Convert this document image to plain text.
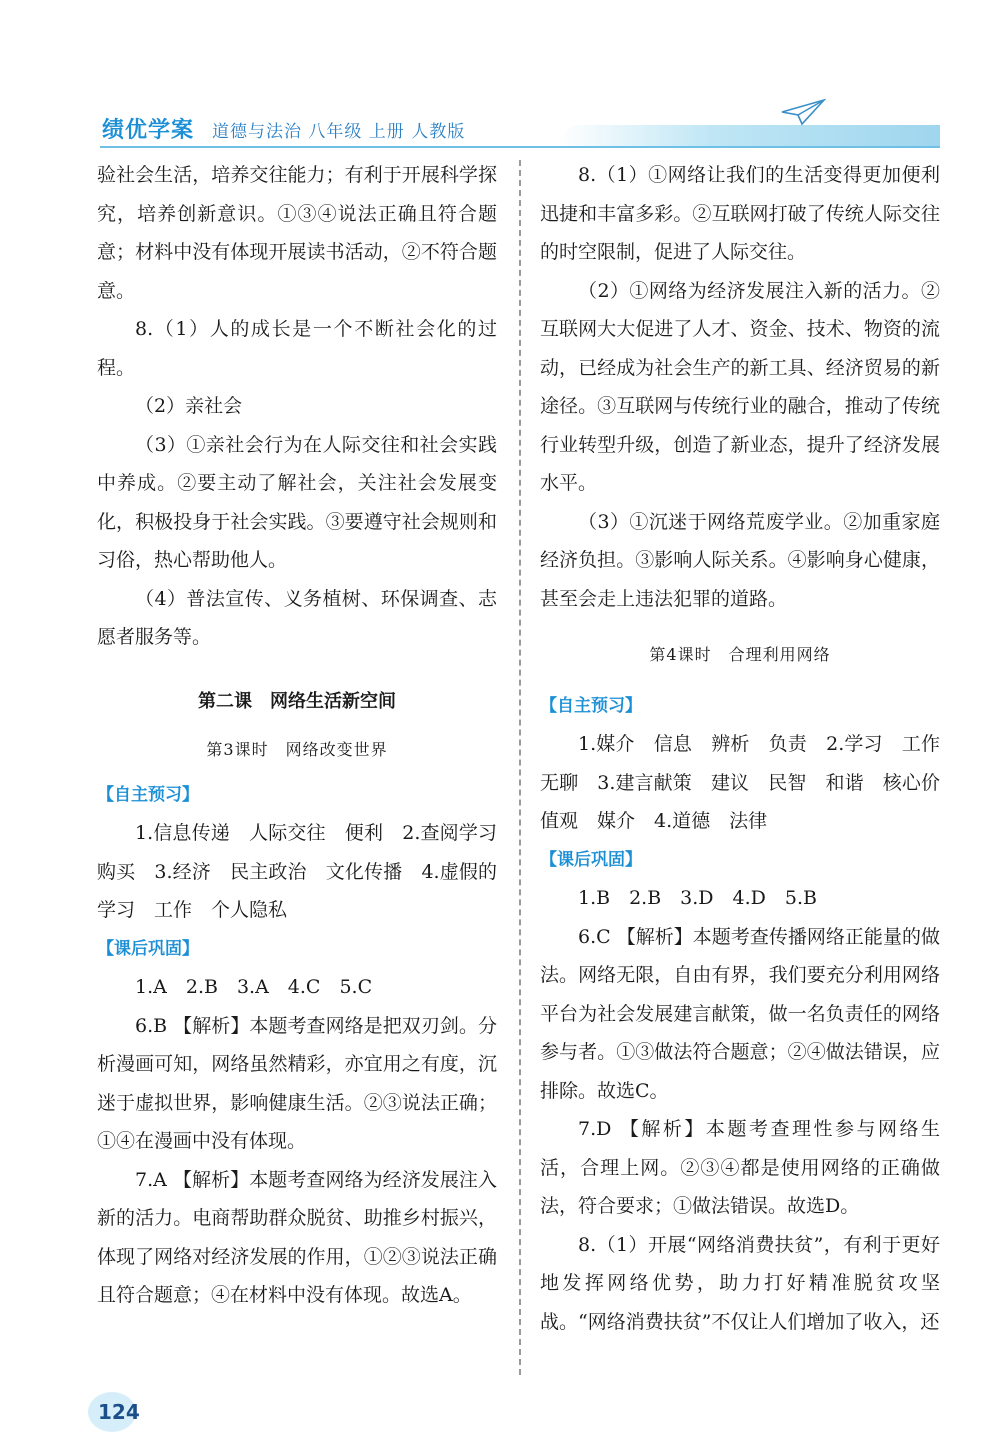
绩优学案 道德与法治 八年级 上册 人教版

验社会生活，培养交往能力；有利于开展科学探究，培养创新意识。①③④说法正确且符合题意；材料中没有体现开展读书活动，②不符合题意。

8.（1）人的成长是一个不断社会化的过程。

（2）亲社会

（3）①亲社会行为在人际交往和社会实践中养成。②要主动了解社会，关注社会发展变化，积极投身于社会实践。③要遵守社会规则和习俗，热心帮助他人。

（4）普法宣传、义务植树、环保调查、志愿者服务等。

第二课　网络生活新空间
第3课时　网络改变世界

【自主预习】

1.信息传递　人际交往　便利　2.查阅学习　购买　3.经济　民主政治　文化传播　4.虚假的　学习　工作　个人隐私

【课后巩固】

1.A　2.B　3.A　4.C　5.C

6.B 【解析】本题考查网络是把双刃剑。分析漫画可知，网络虽然精彩，亦宜用之有度，沉迷于虚拟世界，影响健康生活。②③说法正确；①④在漫画中没有体现。

7.A 【解析】本题考查网络为经济发展注入新的活力。电商帮助群众脱贫、助推乡村振兴，体现了网络对经济发展的作用，①②③说法正确且符合题意；④在材料中没有体现。故选A。

8.（1）①网络让我们的生活变得更加便利迅捷和丰富多彩。②互联网打破了传统人际交往的时空限制，促进了人际交往。

（2）①网络为经济发展注入新的活力。②互联网大大促进了人才、资金、技术、物资的流动，已经成为社会生产的新工具、经济贸易的新途径。③互联网与传统行业的融合，推动了传统行业转型升级，创造了新业态，提升了经济发展水平。

（3）①沉迷于网络荒废学业。②加重家庭经济负担。③影响人际关系。④影响身心健康，甚至会走上违法犯罪的道路。

第4课时　合理利用网络

【自主预习】

1.媒介　信息　辨析　负责　2.学习　工作　无聊　3.建言献策　建议　民智　和谐　核心价值观　媒介　4.道德　法律

【课后巩固】

1.B　2.B　3.D　4.D　5.B

6.C 【解析】本题考查传播网络正能量的做法。网络无限，自由有界，我们要充分利用网络平台为社会发展建言献策，做一名负责任的网络参与者。①③做法符合题意；②④做法错误，应排除。故选C。

7.D 【解析】本题考查理性参与网络生活，合理上网。②③④都是使用网络的正确做法，符合要求；①做法错误。故选D。

8.（1）开展“网络消费扶贫”，有利于更好地发挥网络优势，助力打好精准脱贫攻坚战。“网络消费扶贫”不仅让人们增加了收入，还

124
